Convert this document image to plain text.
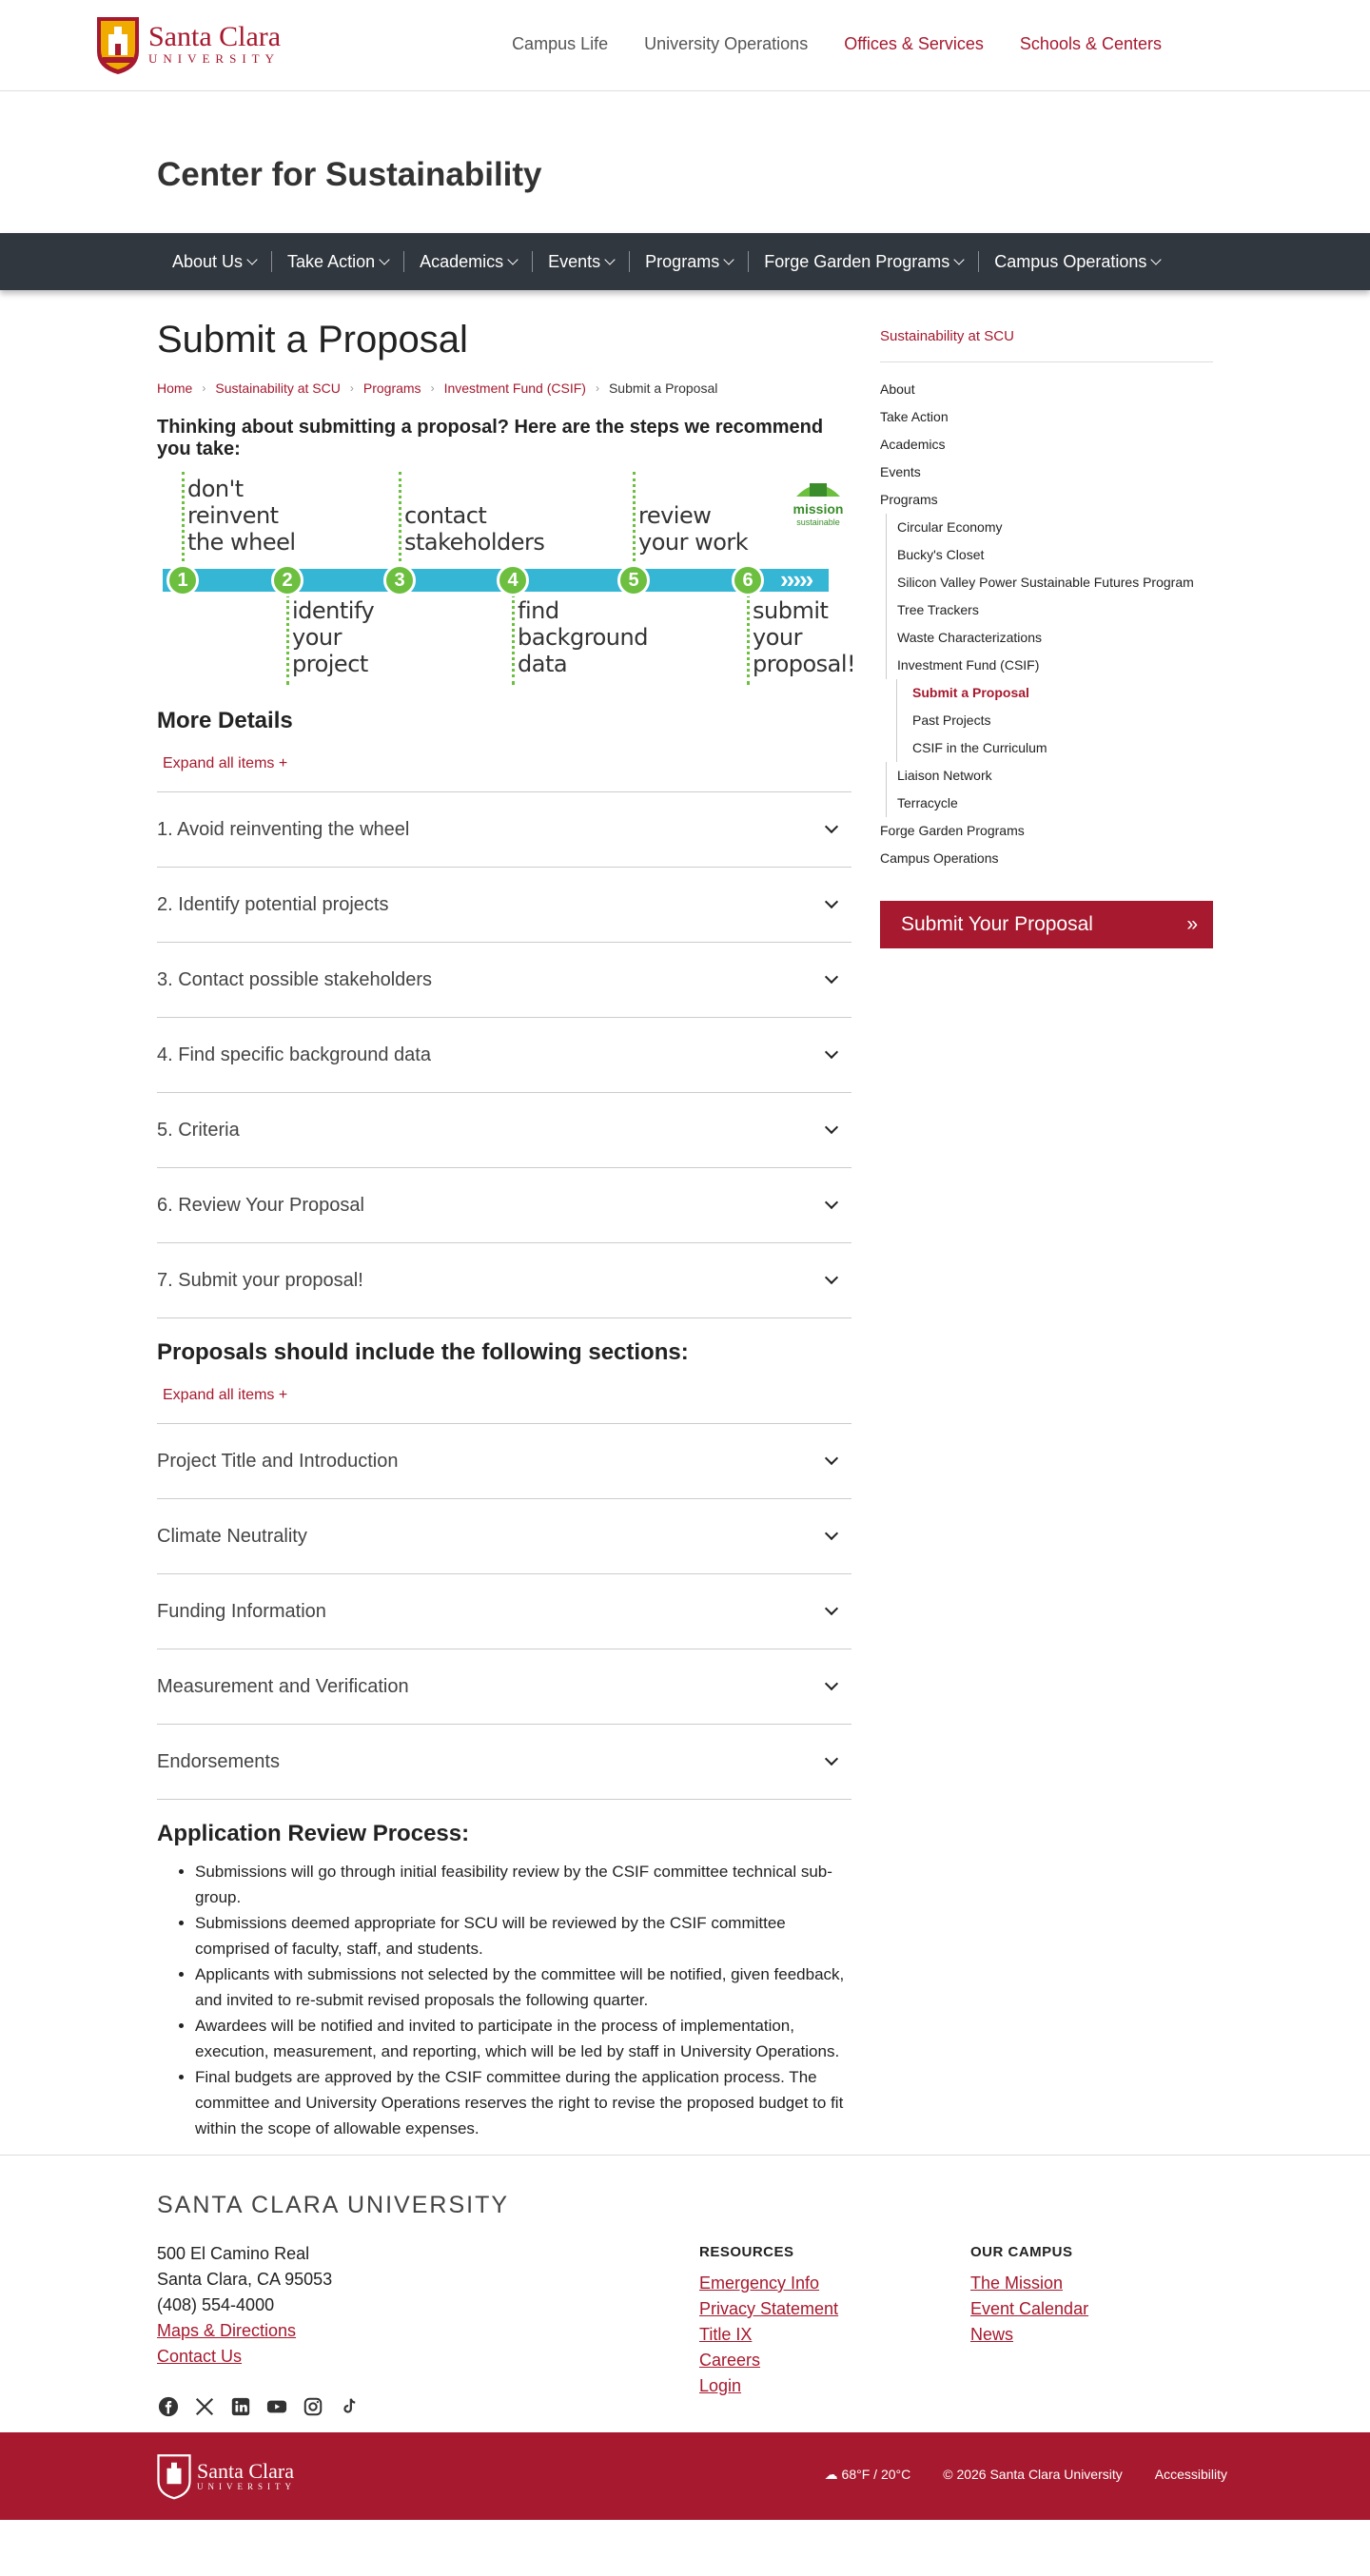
Santa Clara
UNIVERSITY
Campus Life University Operations Offices & Services Schools & Centers
Center for Sustainability
About Us	Take Action	Academics	Events	Programs	Forge Garden Programs	Campus Operations
Submit a Proposal
Home › Sustainability at SCU › Programs › Investment Fund (CSIF) › Submit a Proposal

Thinking about submitting a proposal? Here are the steps we recommend you take:

›››››
1	2	3	4	5	6
don't
reinvent
the wheel
identify
your
project
contact
stakeholders
find
background
data
review
your work
submit
your
proposal!
mission
sustainable
More Details
Expand all items +
1. Avoid reinventing the wheel
2. Identify potential projects
3. Contact possible stakeholders
4. Find specific background data
5. Criteria
6. Review Your Proposal
7. Submit your proposal!
Proposals should include the following sections:
Expand all items +
Project Title and Introduction
Climate Neutrality
Funding Information
Measurement and Verification
Endorsements
Application Review Process:
• Submissions will go through initial feasibility review by the CSIF committee technical sub-group.
• Submissions deemed appropriate for SCU will be reviewed by the CSIF committee comprised of faculty, staff, and students.
• Applicants with submissions not selected by the committee will be notified, given feedback, and invited to re-submit revised proposals the following quarter.
• Awardees will be notified and invited to participate in the process of implementation, execution, measurement, and reporting, which will be led by staff in University Operations.
• Final budgets are approved by the CSIF committee during the application process. The committee and University Operations reserves the right to revise the proposed budget to fit within the scope of allowable expenses.
Sustainability at SCU
About
Take Action
Academics
Events
Programs
Circular Economy
Bucky's Closet
Silicon Valley Power Sustainable Futures Program
Tree Trackers
Waste Characterizations
Investment Fund (CSIF)
Submit a Proposal
Past Projects
CSIF in the Curriculum
Liaison Network
Terracycle
Forge Garden Programs
Campus Operations
Submit Your Proposal	»
SANTA CLARA UNIVERSITY
500 El Camino Real
Santa Clara, CA 95053
(408) 554-4000
Maps & Directions
Contact Us
RESOURCES
Emergency Info
Privacy Statement
Title IX
Careers
Login
OUR CAMPUS
The Mission
Event Calendar
News
Santa Clara
UNIVERSITY
☁ 68°F / 20°C © 2026 Santa Clara University Accessibility
